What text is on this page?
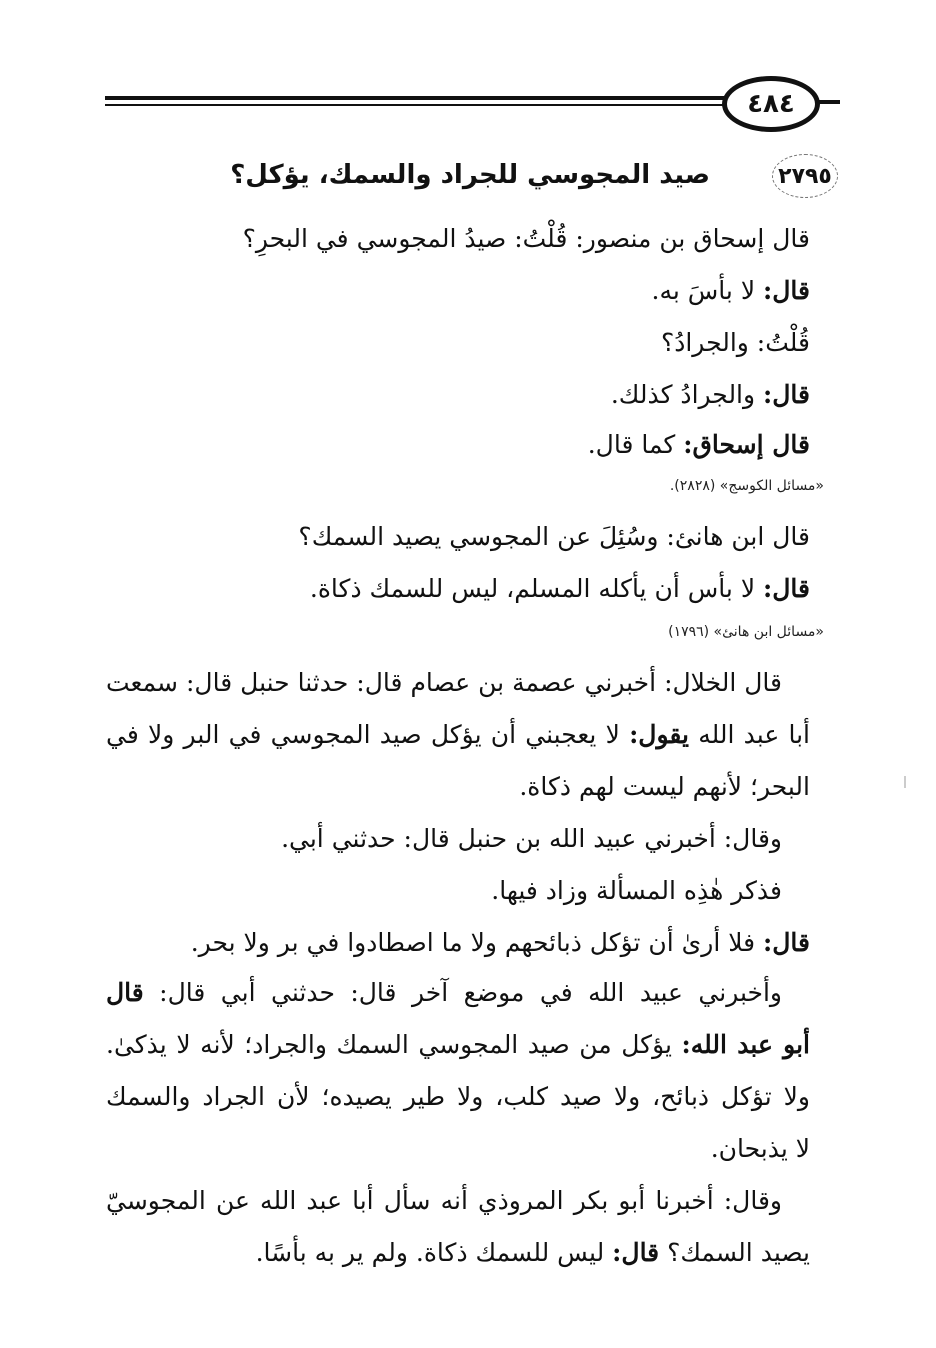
٤٨٤
٢٧٩٥
صيد المجوسي للجراد والسمك، يؤكل؟
قال إسحاق بن منصور: قُلْتُ: صيدُ المجوسي في البحرِ؟
قال: لا بأسَ به.
قُلْتُ: والجرادُ؟
قال: والجرادُ كذلك.
قال إسحاق: كما قال.
«مسائل الكوسج» (٢٨٢٨).
قال ابن هانئ: وسُئِلَ عن المجوسي يصيد السمك؟
قال: لا بأس أن يأكله المسلم، ليس للسمك ذكاة.
«مسائل ابن هانئ» (١٧٩٦)
قال الخلال: أخبرني عصمة بن عصام قال: حدثنا حنبل قال: سمعت
أبا عبد الله يقول: لا يعجبني أن يؤكل صيد المجوسي في البر ولا في
البحر؛ لأنهم ليست لهم ذكاة.
وقال: أخبرني عبيد الله بن حنبل قال: حدثني أبي.
فذكر هٰذِه المسألة وزاد فيها.
قال: فلا أرىٰ أن تؤكل ذبائحهم ولا ما اصطادوا في بر ولا بحر.
وأخبرني عبيد الله في موضع آخر قال: حدثني أبي قال: قال
أبو عبد الله: يؤكل من صيد المجوسي السمك والجراد؛ لأنه لا يذكىٰ.
ولا تؤكل ذبائح، ولا صيد كلب، ولا طير يصيده؛ لأن الجراد والسمك
لا يذبحان.
وقال: أخبرنا أبو بكر المروذي أنه سأل أبا عبد الله عن المجوسيّ
يصيد السمك؟ قال: ليس للسمك ذكاة. ولم ير به بأسًا.
